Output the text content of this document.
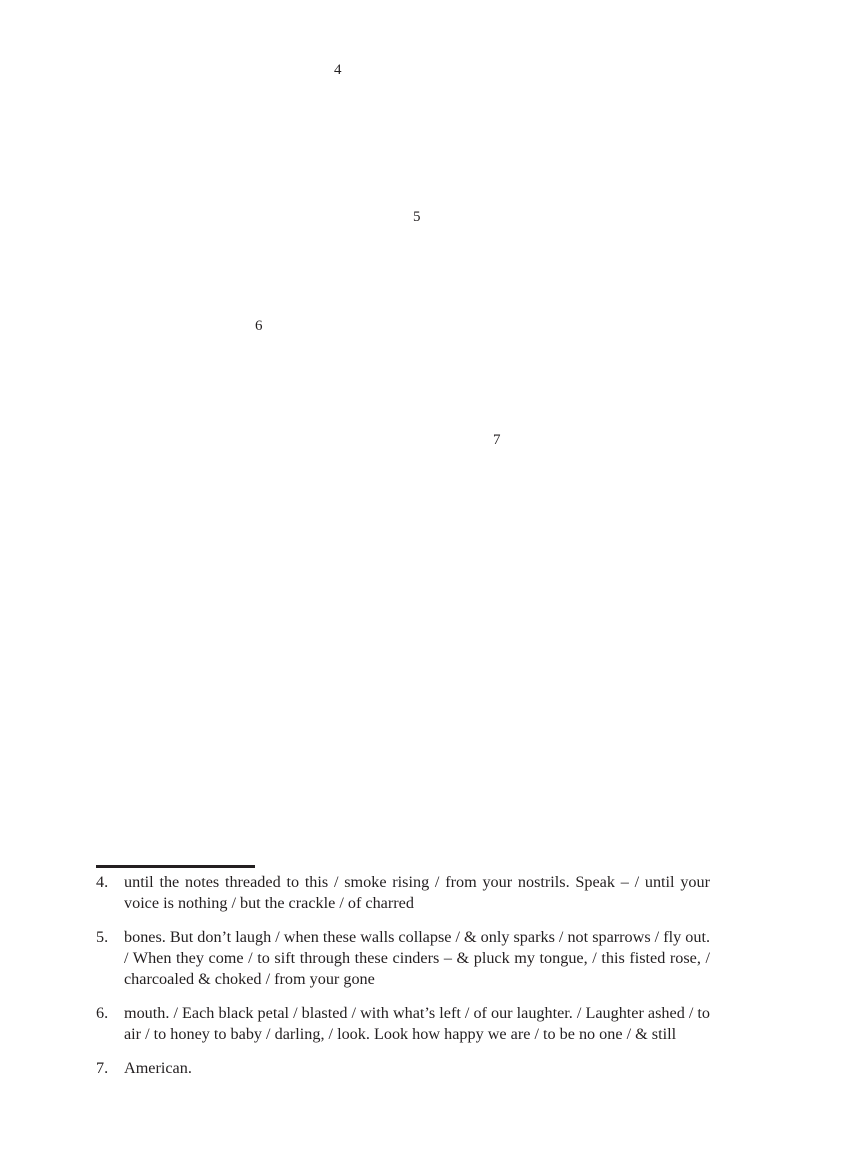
4
5
6
7
4. until the notes threaded to this / smoke rising / from your nostrils. Speak – / until your voice is nothing / but the crackle / of charred
5. bones. But don’t laugh / when these walls collapse / & only sparks / not sparrows / fly out. / When they come / to sift through these cinders – & pluck my tongue, / this fisted rose, / charcoaled & choked / from your gone
6. mouth. / Each black petal / blasted / with what’s left / of our laughter. / Laughter ashed / to air / to honey to baby / darling, / look. Look how happy we are / to be no one / & still
7. American.
